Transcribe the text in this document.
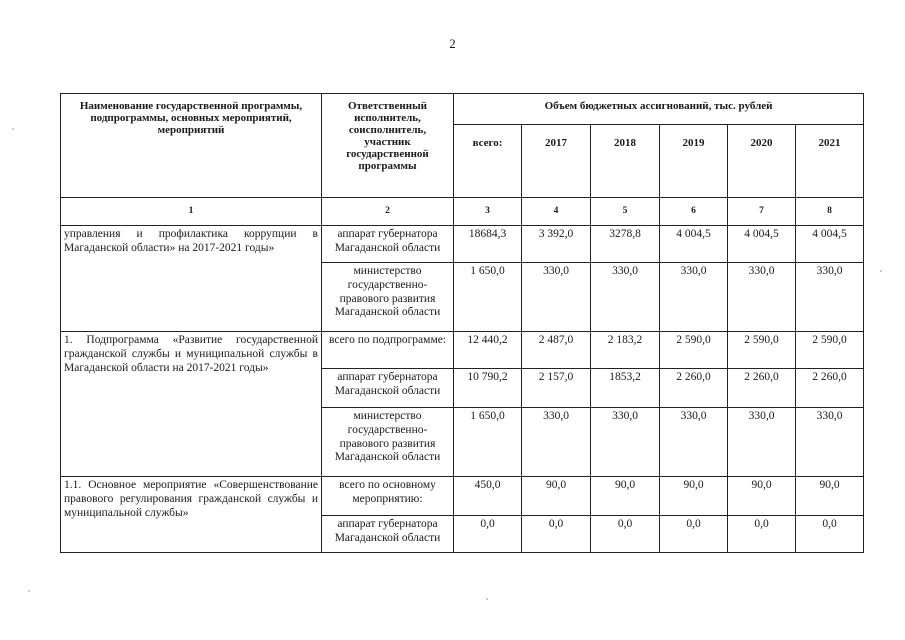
2
Наименование государственной программы, подпрограммы, основных мероприятий, мероприятий	Ответственный исполнитель, соисполнитель, участник государственной программы	Объем бюджетных ассигнований, тыс. рублей					
		всего:	2017	2018	2019	2020	2021
1	2	3	4	5	6	7	8
управления и профилактика коррупции в Магаданской области» на 2017-2021 годы»	аппарат губернатора Магаданской области	18684,3	3 392,0	3278,8	4 004,5	4 004,5	4 004,5
	министерство государственно-правового развития Магаданской области	1 650,0	330,0	330,0	330,0	330,0	330,0
1. Подпрограмма «Развитие государственной гражданской службы и муниципальной службы в Магаданской области на 2017-2021 годы»	всего по подпрограмме:	12 440,2	2 487,0	2 183,2	2 590,0	2 590,0	2 590,0
	аппарат губернатора Магаданской области	10 790,2	2 157,0	1853,2	2 260,0	2 260,0	2 260,0
	министерство государственно-правового развития Магаданской области	1 650,0	330,0	330,0	330,0	330,0	330,0
1.1. Основное мероприятие «Совершенствование правового регулирования гражданской службы и муниципальной службы»	всего по основному мероприятию:	450,0	90,0	90,0	90,0	90,0	90,0
	аппарат губернатора Магаданской области	0,0	0,0	0,0	0,0	0,0	0,0
